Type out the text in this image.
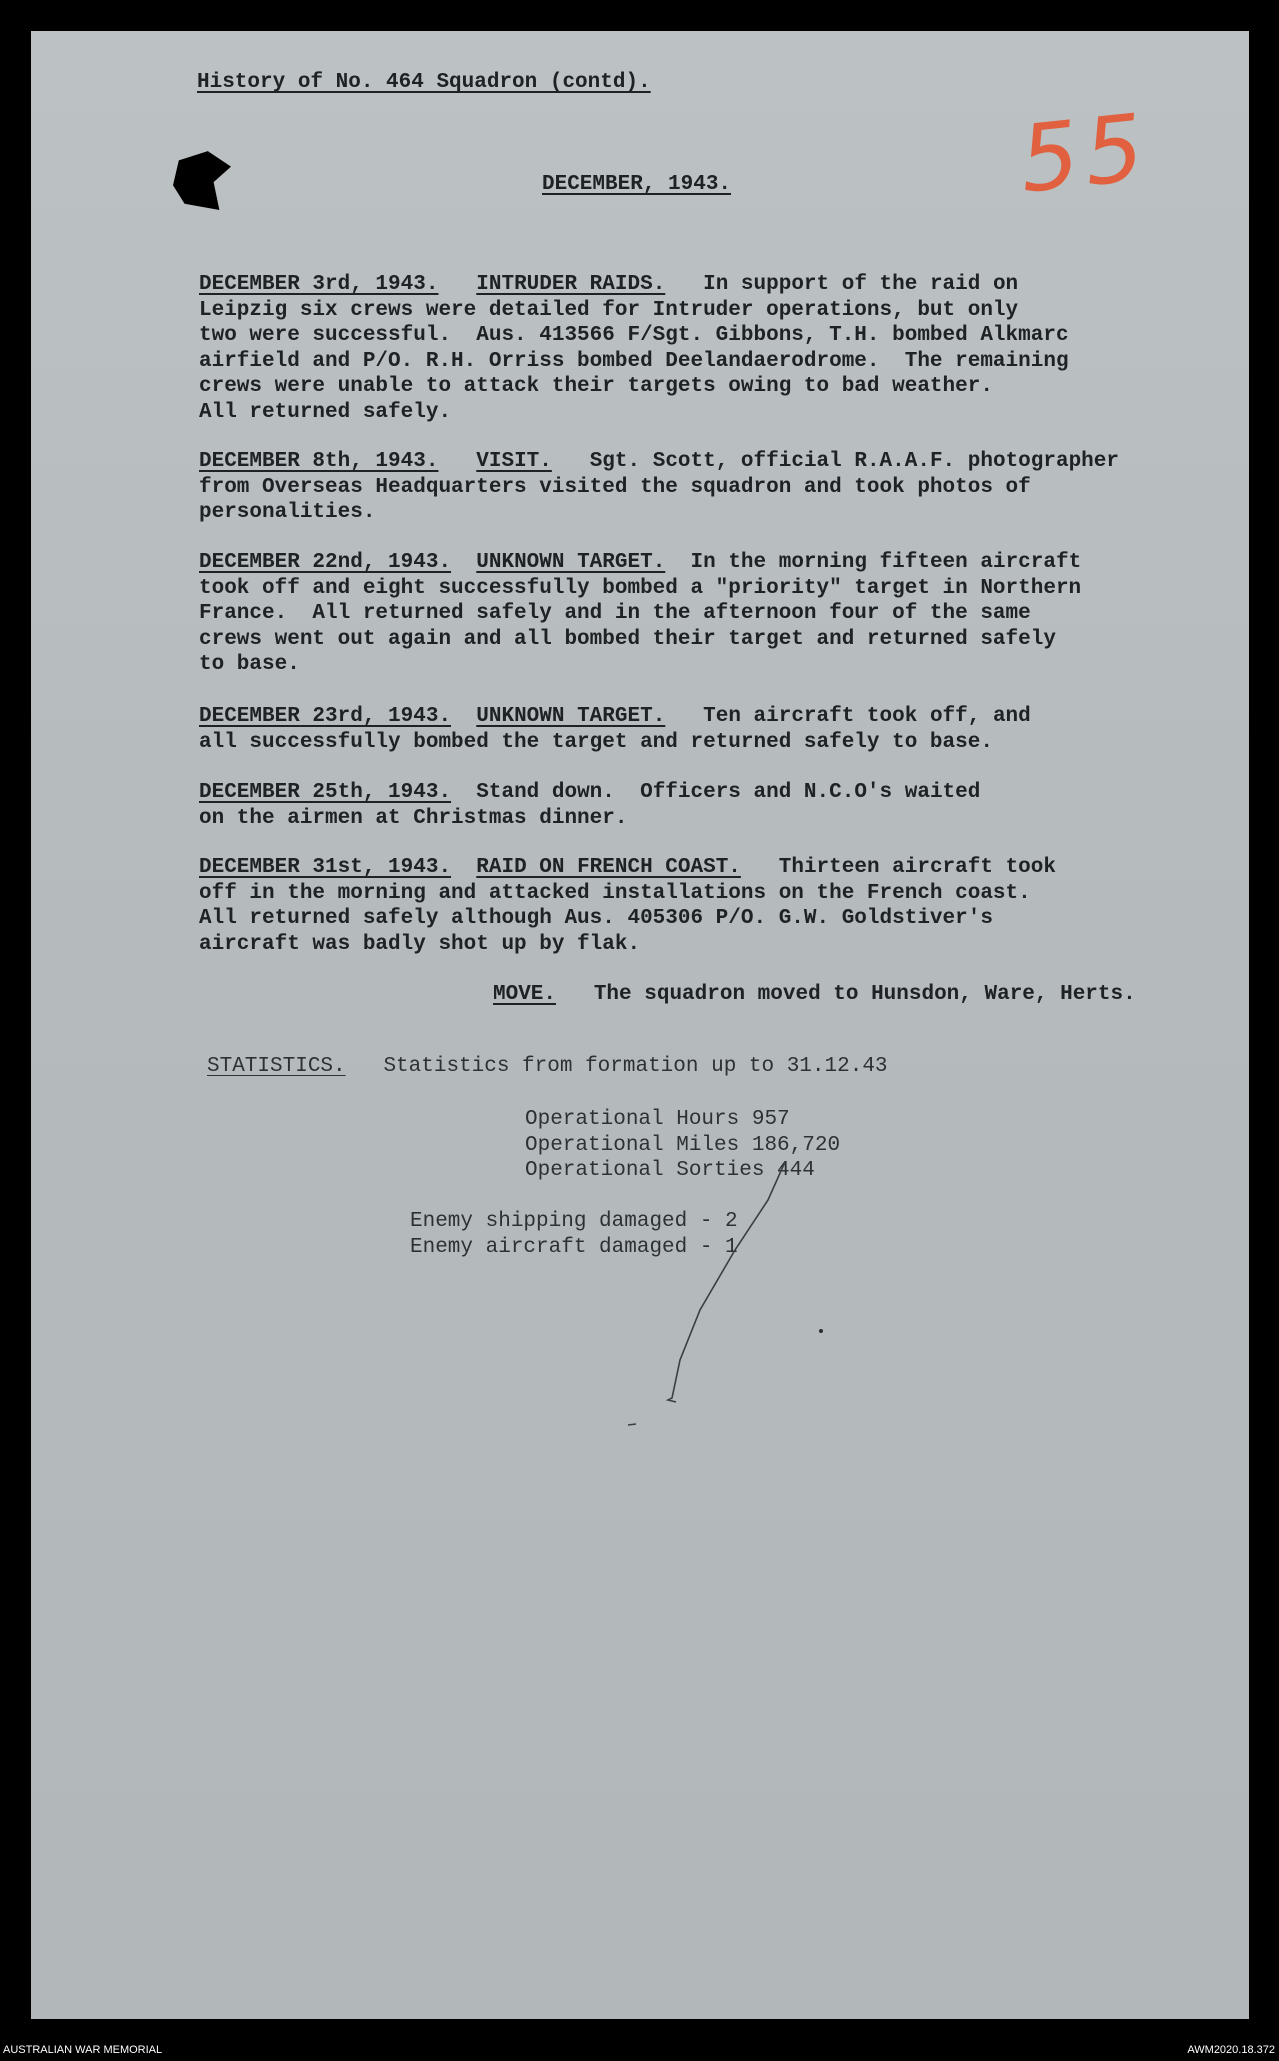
55

History of No. 464 Squadron (contd).

DECEMBER, 1943.

DECEMBER 3rd, 1943. INTRUDER RAIDS. In support of the raid on
Leipzig six crews were detailed for Intruder operations, but only
two were successful.  Aus. 413566 F/Sgt. Gibbons, T.H. bombed Alkmarc
airfield and P/O. R.H. Orriss bombed Deelandaerodrome.  The remaining
crews were unable to attack their targets owing to bad weather.
All returned safely.

DECEMBER 8th, 1943. VISIT. Sgt. Scott, official R.A.A.F. photographer
from Overseas Headquarters visited the squadron and took photos of
personalities.

DECEMBER 22nd, 1943. UNKNOWN TARGET. In the morning fifteen aircraft
took off and eight successfully bombed a "priority" target in Northern
France.  All returned safely and in the afternoon four of the same
crews went out again and all bombed their target and returned safely
to base.

DECEMBER 23rd, 1943. UNKNOWN TARGET. Ten aircraft took off, and
all successfully bombed the target and returned safely to base.

DECEMBER 25th, 1943. Stand down.  Officers and N.C.O's waited
on the airmen at Christmas dinner.

DECEMBER 31st, 1943. RAID ON FRENCH COAST. Thirteen aircraft took
off in the morning and attacked installations on the French coast.
All returned safely although Aus. 405306 P/O. G.W. Goldstiver's
aircraft was badly shot up by flak.

MOVE. The squadron moved to Hunsdon, Ware, Herts.

STATISTICS. Statistics from formation up to 31.12.43

Operational Hours 957
Operational Miles 186,720
Operational Sorties 444

Enemy shipping damaged - 2
Enemy aircraft damaged - 1

AUSTRALIAN WAR MEMORIAL	AWM2020.18.372
